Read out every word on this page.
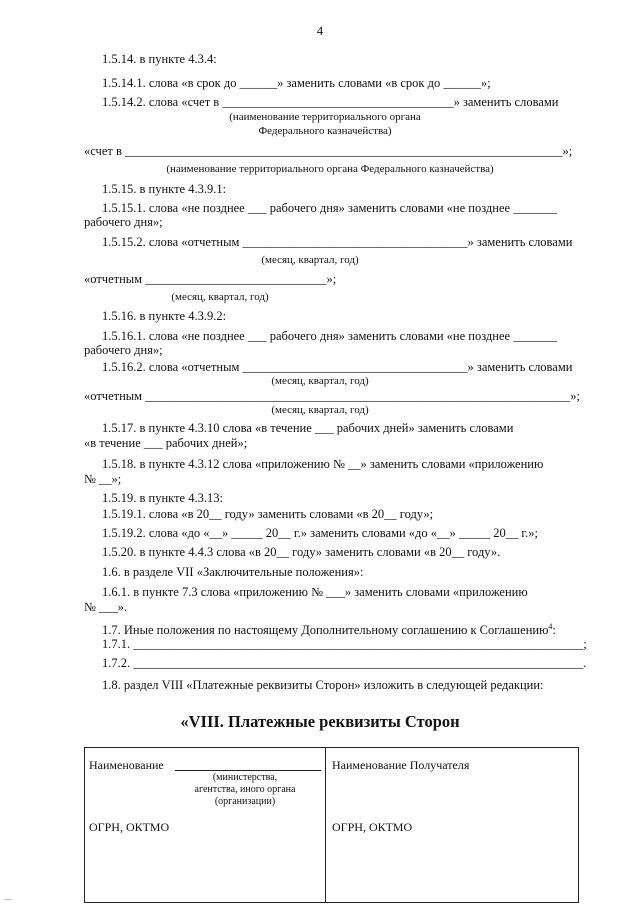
4
1.5.14. в пункте 4.3.4:
1.5.14.1. слова «в срок до ______» заменить словами «в срок до ______»;
1.5.14.2. слова «счет в _____________________________________» заменить словами
(наименование территориального органа
Федерального казначейства)
«счет в ______________________________________________________________________»;
(наименование территориального органа Федерального казначейства)
1.5.15. в пункте 4.3.9.1:
1.5.15.1. слова «не позднее ___ рабочего дня» заменить словами «не позднее _______
рабочего дня»;
1.5.15.2. слова «отчетным ____________________________________» заменить словами
(месяц, квартал, год)
«отчетным _____________________________»;
(месяц, квартал, год)
1.5.16. в пункте 4.3.9.2:
1.5.16.1. слова «не позднее ___ рабочего дня» заменить словами «не позднее _______
рабочего дня»;
1.5.16.2. слова «отчетным ____________________________________» заменить словами
(месяц, квартал, год)
«отчетным ____________________________________________________________________»;
(месяц, квартал, год)
1.5.17. в пункте 4.3.10 слова «в течение ___ рабочих дней» заменить словами
«в течение ___ рабочих дней»;
1.5.18. в пункте 4.3.12 слова «приложению № __» заменить словами «приложению
№ __»;
1.5.19. в пункте 4.3.13:
1.5.19.1. слова «в 20__ году» заменить словами «в 20__ году»;
1.5.19.2. слова «до «__» _____ 20__ г.» заменить словами «до «__» _____ 20__ г.»;
1.5.20. в пункте 4.4.3 слова «в 20__ году» заменить словами «в 20__ году».
1.6. в разделе VII «Заключительные положения»:
1.6.1. в пункте 7.3 слова «приложению № ___» заменить словами «приложению
№ ___».
1.7. Иные положения по настоящему Дополнительному соглашению к Соглашению$^4$:
1.7.1. ________________________________________________________________________;
1.7.2. ________________________________________________________________________.
1.8. раздел VIII «Платежные реквизиты Сторон» изложить в следующей редакции:
«VIII. Платежные реквизиты Сторон
Наименование
(министерства,
агентства, иного органа
(организации)
ОГРН, ОКТМО

Наименование Получателя
ОГРН, ОКТМО
....
